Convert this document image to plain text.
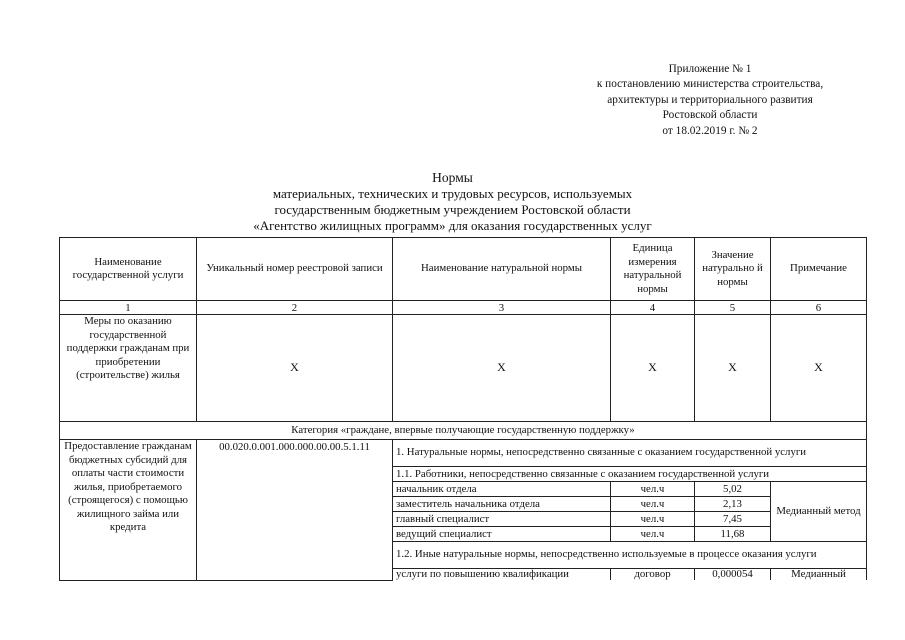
Приложение № 1
к постановлению министерства строительства,
архитектуры и территориального развития
Ростовской области
от 18.02.2019 г. № 2
Нормы
материальных, технических и трудовых ресурсов, используемых
государственным бюджетным учреждением Ростовской области
«Агентство жилищных программ» для оказания государственных услуг
Наименование государственной услуги	Уникальный номер реестровой записи	Наименование натуральной нормы	Единица измерения натуральной нормы	Значение натурально й нормы	Примечание
1	2	3	4	5	6
Меры по оказанию государственной поддержки гражданам при приобретении (строительстве) жилья	X	X	X	X	X
Категория «граждане, впервые получающие государственную поддержку»					
Предоставление гражданам бюджетных субсидий для оплаты части стоимости жилья, приобретаемого (строящегося) с помощью жилищного займа или кредита	00.020.0.001.000.000.00.00.5.1.11	1. Натуральные нормы, непосредственно связанные с оказанием государственной услуги			
		1.1. Работники, непосредственно связанные с оказанием государственной услуги			
		начальник отдела	чел.ч	5,02	Медианный метод
		заместитель начальника отдела	чел.ч	2,13	
		главный специалист	чел.ч	7,45	
		ведущий специалист	чел.ч	11,68	
		1.2. Иные натуральные нормы, непосредственно используемые в процессе оказания услуги			
		услуги по повышению квалификации	договор	0,000054	Медианный
